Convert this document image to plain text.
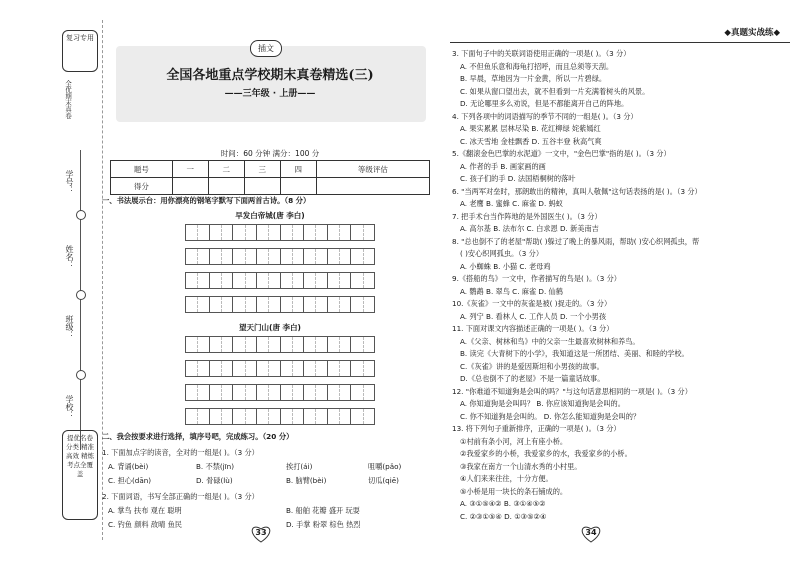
复习专用
全优期末真卷
学号：
姓名：
班级：
学校：
提优名卷 分类 精准 高效 精炼 考点全覆盖
插文
全国各地重点学校期末真卷精选(三)
——三年级 · 上册——
时间：60 分钟 满分：100 分
题号	一	二	三	四	等级评估
得分					
一、书法展示台：用你漂亮的钢笔字默写下面两首古诗。（8 分）
早发白帝城(唐 李白)
望天门山(唐 李白)
二、我会按要求进行选择，填序号吧，完成练习。（20 分）
1. 下面加点字的读音，全对的一组是( )。（3 分）
A. 背诵(bèi)	B. 不禁(jīn)	挨打(ái)	咀嚼(pǎo)
C. 担心(dān)	D. 骨碌(lù)	B. 脑臂(bèi)	切瓜(qiē)
2. 下面词语，书写全部正确的一组是( )。（3 分）
A. 掌鸟 扶布 观在 聪明	B. 船舶 花瓣 盛开 玩耍
C. 钓鱼 颜料 敌晴 鱼民	D. 手掌 粉翠 棕色 热烈
33
◆真题实战练◆
3. 下面句子中的关联词语使用正确的一项是( )。（3 分）
A. 不但鱼乐意和海龟打招呼，而且总须等天刮。
B. 早晨，草地因为一片金黄，所以一片碧绿。
C. 如果从窗口望出去，就不但看到一片充满着树头的风景。
D. 无论哪里多么劝说，但是不都能离开自己的阵地。
4. 下列各项中的词语描写的季节不同的一组是( )。（3 分）
A. 果实累累 层林尽染 B. 花红柳绿 姹紫嫣红
C. 冰天雪地 金桂飘香 D. 五谷丰登 秋高气爽
5.《翻滚金色巴掌的水泥道》一文中，"金色巴掌"指的是( )。（3 分）
A. 作者的手 B. 画家画的画
C. 孩子们的手 D. 法国梧桐树的落叶
6. "当两军对垒时，那朗敢出的精神，真叫人敬佩"这句话表扬的是( )。（3 分）
A. 老鹰 B. 蜜蜂 C. 麻雀 D. 蚂蚁
7. 把手术台当作阵地的是外国医生( )。（3 分）
A. 高尔基 B. 法布尔 C. 白求恩 D. 新美南吉
8. "总也倒不了的老屋"帮助( )躲过了晚上的暴风雨，帮助( )安心织网孤虫，帮
( )安心织网孤虫。（3 分）
A. 小蜘蛛 B. 小猫 C. 老母鸡
9.《搭船的鸟》一文中，作者描写的鸟是( )。（3 分）
A. 鹦鹉 B. 翠鸟 C. 麻雀 D. 仙鹤
10.《灰雀》一文中的灰雀是被( )捉走的。（3 分）
A. 列宁 B. 看林人 C. 工作人员 D. 一个小男孩
11. 下面对课文内容描述正确的一项是( )。（3 分）
A.《父亲、树林和鸟》中的父亲一生最喜欢树林和养鸟。
B. 读完《大青树下的小学》，我知道这是一所团结、美丽、和睦的学校。
C.《灰雀》讲的是爱因斯坦和小男孩的故事。
D.《总也倒不了的老屋》不是一篇童话故事。
12. "你难道不知道狗是会叫的吗？"与这句话意思相同的一项是( )。（3 分）
A. 你知道狗是会叫吗？ B. 你应该知道狗是会叫的。
C. 你不知道狗是会叫的。 D. 你怎么能知道狗是会叫的？
13. 将下列句子重新排序，正确的一项是( )。（3 分）
①村前有条小河，河上有座小桥。
②我爱家乡的小桥，我爱家乡的水，我爱家乡的小桥。
③我家在南方一个山清水秀的小村里。
④人们来来往往，十分方便。
⑤小桥是用一块长的条石铺成的。
A. ③①⑤④② B. ③①④⑤②
C. ②③①⑤④ D. ①③⑤②④
34
